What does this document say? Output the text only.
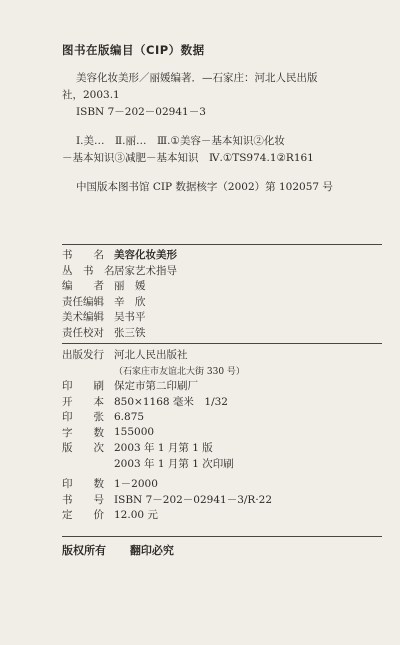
图书在版编目（CIP）数据
美容化妆美形／丽媛编著．—石家庄：河北人民出版
社，2003.1
ISBN 7－202－02941－3
Ⅰ.美…　Ⅱ.丽…　Ⅲ.①美容－基本知识②化妆
－基本知识③减肥－基本知识　Ⅳ.①TS974.1②R161
中国版本图书馆 CIP 数据核字（2002）第 102057 号
书　　名 美容化妆美形
丛　书　名 居家艺术指导
编　　者 丽　媛
责任编辑 辛　欣
美术编辑 吴书平
责任校对 张三铁
出版发行 河北人民出版社
（石家庄市友谊北大街 330 号）
印　　刷 保定市第二印刷厂
开　　本 850×1168 毫米　1/32
印　　张 6.875
字　　数 155000
版　　次 2003 年 1 月第 1 版
2003 年 1 月第 1 次印刷
印　　数 1－2000
书　　号 ISBN 7－202－02941－3/R·22
定　　价 12.00 元
版权所有 翻印必究
